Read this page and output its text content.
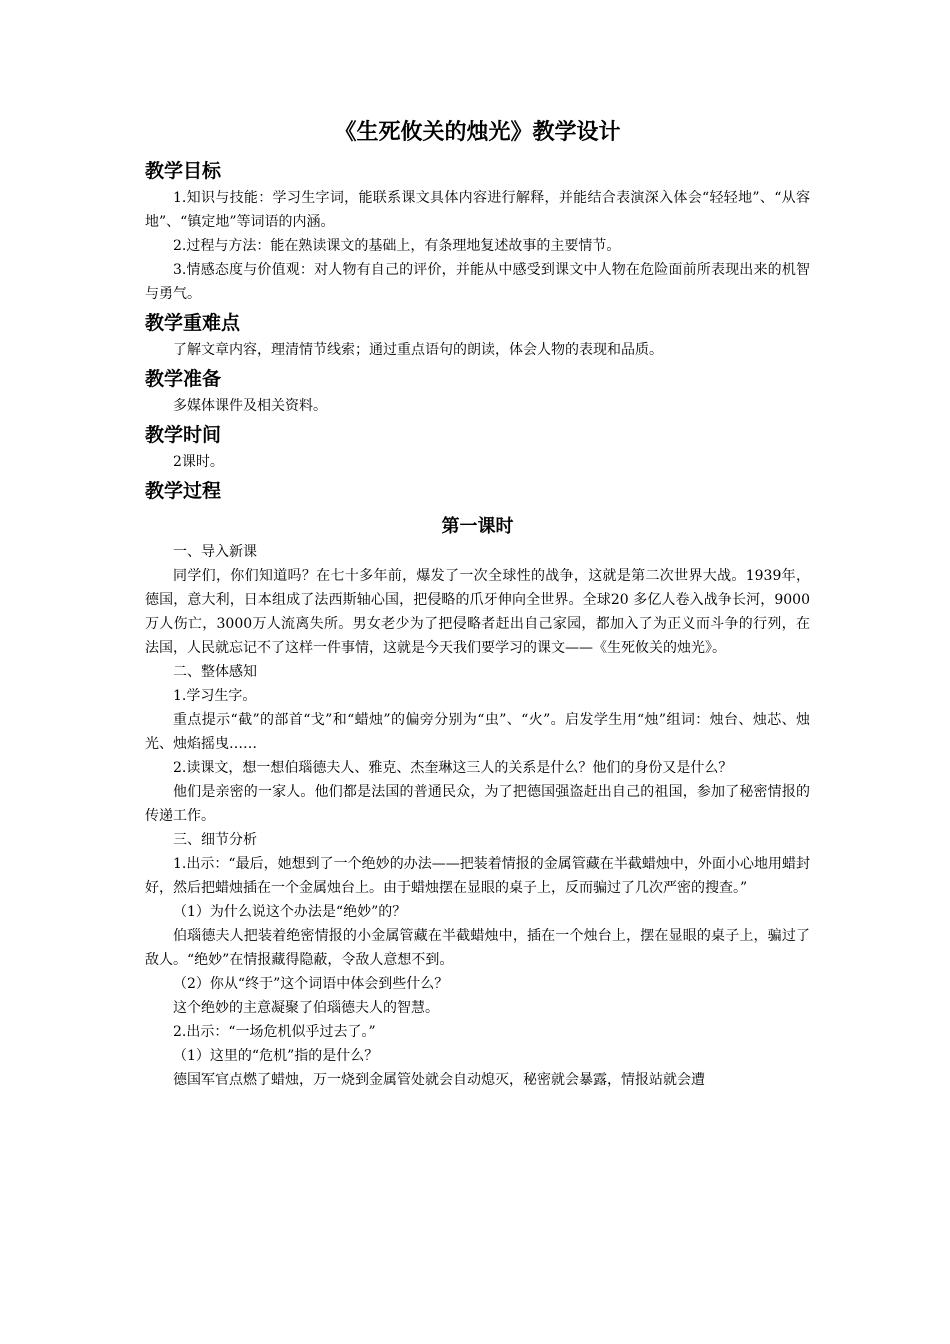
《生死攸关的烛光》教学设计
教学目标

1.知识与技能：学习生字词，能联系课文具体内容进行解释，并能结合表演深入体会“轻轻地”、“从容地”、“镇定地”等词语的内涵。

2.过程与方法：能在熟读课文的基础上，有条理地复述故事的主要情节。

3.情感态度与价值观：对人物有自己的评价，并能从中感受到课文中人物在危险面前所表现出来的机智与勇气。

教学重难点

了解文章内容，理清情节线索；通过重点语句的朗读，体会人物的表现和品质。

教学准备

多媒体课件及相关资料。

教学时间

2课时。

教学过程
第一课时

一、导入新课

同学们，你们知道吗？在七十多年前，爆发了一次全球性的战争，这就是第二次世界大战。1939年，德国，意大利，日本组成了法西斯轴心国，把侵略的爪牙伸向全世界。全球20 多亿人卷入战争长河，9000万人伤亡，3000万人流离失所。男女老少为了把侵略者赶出自己家园，都加入了为正义而斗争的行列，在法国，人民就忘记不了这样一件事情，这就是今天我们要学习的课文——《生死攸关的烛光》。

二、整体感知

1.学习生字。

重点提示“截”的部首“戈”和“蜡烛”的偏旁分别为“虫”、“火”。启发学生用“烛”组词：烛台、烛芯、烛光、烛焰摇曳……

2.读课文，想一想伯瑙德夫人、雅克、杰奎琳这三人的关系是什么？他们的身份又是什么？

他们是亲密的一家人。他们都是法国的普通民众，为了把德国强盗赶出自己的祖国，参加了秘密情报的传递工作。

三、细节分析

1.出示：“最后，她想到了一个绝妙的办法——把装着情报的金属管藏在半截蜡烛中，外面小心地用蜡封好，然后把蜡烛插在一个金属烛台上。由于蜡烛摆在显眼的桌子上，反而骗过了几次严密的搜查。”

（1）为什么说这个办法是“绝妙”的？

伯瑙德夫人把装着绝密情报的小金属管藏在半截蜡烛中，插在一个烛台上，摆在显眼的桌子上，骗过了敌人。“绝妙”在情报藏得隐蔽，令敌人意想不到。

（2）你从“终于”这个词语中体会到些什么？

这个绝妙的主意凝聚了伯瑙德夫人的智慧。

2.出示：“一场危机似乎过去了。”

（1）这里的“危机”指的是什么？

德国军官点燃了蜡烛，万一烧到金属管处就会自动熄灭，秘密就会暴露，情报站就会遭
